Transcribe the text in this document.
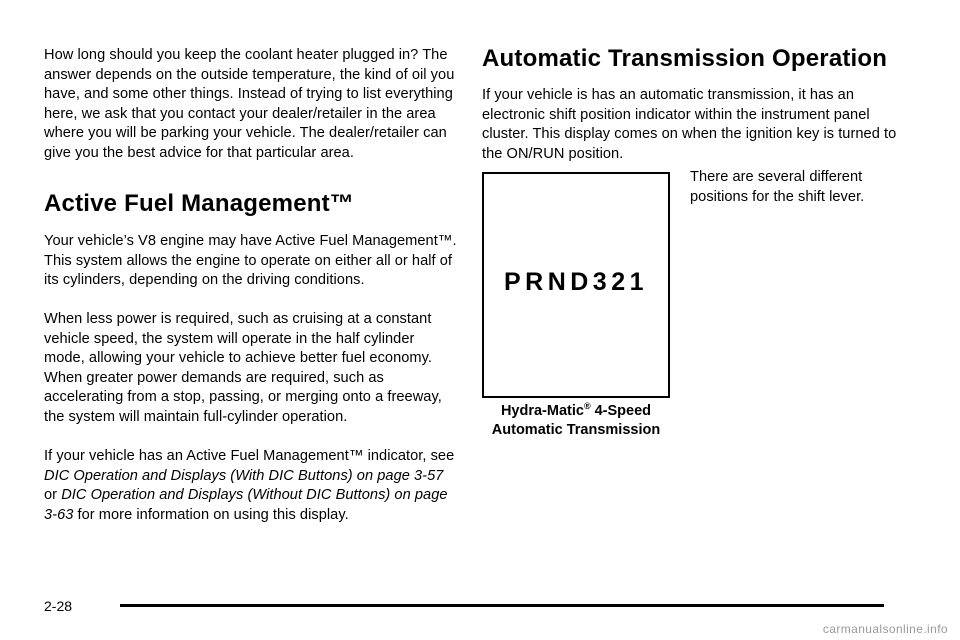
How long should you keep the coolant heater plugged in? The answer depends on the outside temperature, the kind of oil you have, and some other things. Instead of trying to list everything here, we ask that you contact your dealer/retailer in the area where you will be parking your vehicle. The dealer/retailer can give you the best advice for that particular area.

Active Fuel Management™

Your vehicle’s V8 engine may have Active Fuel Management™. This system allows the engine to operate on either all or half of its cylinders, depending on the driving conditions.

When less power is required, such as cruising at a constant vehicle speed, the system will operate in the half cylinder mode, allowing your vehicle to achieve better fuel economy. When greater power demands are required, such as accelerating from a stop, passing, or merging onto a freeway, the system will maintain full-cylinder operation.

If your vehicle has an Active Fuel Management™ indicator, see DIC Operation and Displays (With DIC Buttons) on page 3-57 or DIC Operation and Displays (Without DIC Buttons) on page 3-63 for more information on using this display.

Automatic Transmission Operation

If your vehicle is has an automatic transmission, it has an electronic shift position indicator within the instrument panel cluster. This display comes on when the ignition key is turned to the ON/RUN position.

PRND321
Hydra-Matic® 4-Speed
Automatic Transmission

There are several different positions for the shift lever.

2-28
carmanualsonline.info
